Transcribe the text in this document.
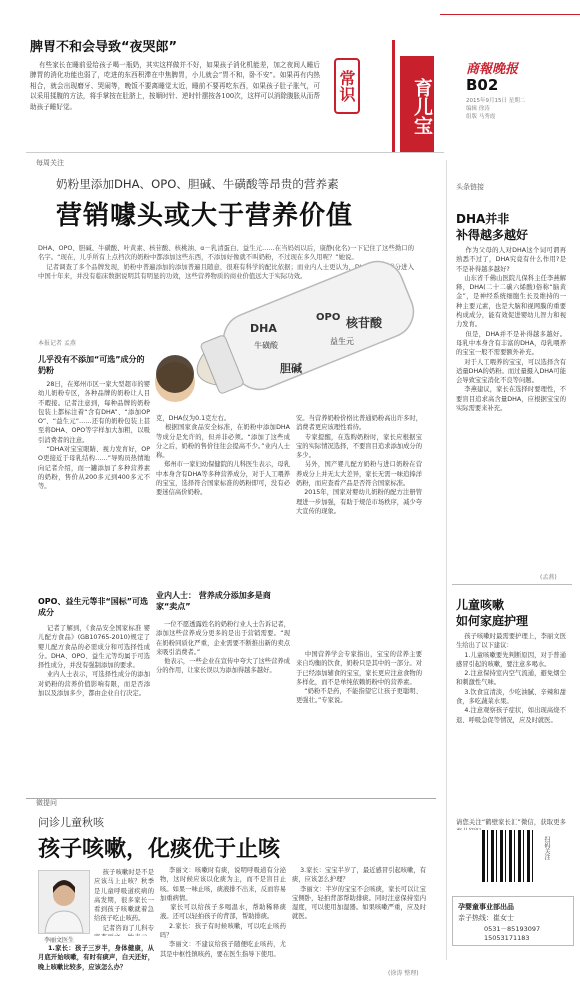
脾胃不和会导致“夜哭郎”
有些家长在睡前爱给孩子喝一瓶奶，其实这样做并不好，如果孩子消化机能差，加之夜间人睡后脾胃的消化功能也弱了，吃进的东西积滞在中焦脾胃，小儿就会“胃不和，卧不安”。如果再有内热相合，就会出现磨牙、哭闹等，晚饭不要离睡觉太近，睡前不要再吃东西，如果孩子肚子胀气，可以采用揉腹的方法，将手掌按在肚脐上，按顺时针、逆时针摆按各100次，这样可以消除腹胀从而帮助孩子睡好觉。
常识	育儿宝
商報晚报
B02
2015年9月15日 星期二
编辑 徐涛
组版 马秀霞
每周关注
奶粉里添加DHA、OPO、胆碱、牛磺酸等昂贵的营养素
营销噱头或大于营养价值
DHA、OPO、胆碱、牛磺酸、叶黄素、核苷酸、核桃油、α－乳清蛋白、益生元……在当妈妈以后，康静(化名)一下记住了这些拗口的名字。“现在，儿乎所有上点档次的奶粉中都添加这些东西，不添加好像就不叫奶粉，不过现在多久用呢？”她说。
记者调查了多个品牌发现，奶粉中普遍添加的添加普遍且随意，很难有科学的配比依据；而业内人士更认为，DHA等营养成分进入中国十年来，并没有临床数据说明其有明显的功效，这些营养物质的商业价值远大于实际功效。
本报记者 孟燕
儿乎没有不添加“可选”成分的奶粉
28日，在郑州市区一家大型超市的婴幼儿奶粉专区，各种品牌的奶粉让人目不暇接。记者注意到，每种品牌的奶粉包装上都标注着“含有DHA”、“添加OPO”、“益生元”……还有的奶粉包装上甚至将DHA、OPO等字样加大加粗，以吸引消费者的注意。
“DHA对宝宝眼睛、视力发育好，OPO更接近于母乳结构……”导购员热情地向记者介绍，而一罐添加了多种营养素的奶粉，售价从200多元到400多元不等。
OPO、益生元等非“国标”可选成分
记者了解到，《食品安全国家标准 婴儿配方食品》(GB10765-2010)规定了婴儿配方食品的必需成分和可选择性成分。DHA、OPO、益生元等均属于可选择性成分，并没有强制添加的要求。
业内人士表示，可选择性成分的添加对奶粉的营养价值影响有限，而是否添加以及添加多少，都由企业自行决定。
DHA
OPO 核苷酸
牛磺酸	益生元
胆碱
克，DHA仅为0.1克左右。
根据国家食品安全标准，在奶粉中添加DHA等成分是允许的，但并非必须。“添加了这些成分之后，奶粉的售价往往会提高不少。”业内人士称。
郑州市一家妇幼保健院的儿科医生表示，母乳中本身含有DHA等多种营养成分，对于人工喂养的宝宝，选择符合国家标准的奶粉即可，没有必要迷信高价奶粉。
业内人士： 营养成分添加多是商家“卖点”
一位不愿透露姓名的奶粉行业人士告诉记者，添加这些营养成分更多的是出于营销需要。“现在奶粉同质化严重，企业需要不断推出新的卖点来吸引消费者。”
他表示，一些企业在宣传中夸大了这些营养成分的作用，让家长误以为添加得越多越好。
安。当营养奶粉价格比普通奶粉高出许多时，消费者更应该理性看待。
专家提醒，在选购奶粉时，家长应根据宝宝的实际情况选择，不要盲目追求添加成分的多少。
另外，国产婴儿配方奶粉与进口奶粉在营养成分上并无太大差异，家长无需一味追捧洋奶粉，而应查看产品是否符合国家标准。
2015年，国家对婴幼儿奶粉的配方注册管理进一步加强，有助于规范市场秩序，减少夸大宣传的现象。
中国营养学会专家指出，宝宝的营养主要来自均衡的饮食，奶粉只是其中的一部分。对于已经添加辅食的宝宝，家长更应注意食物的多样化，而不是单纯依赖奶粉中的营养素。
“奶粉不是药，不能指望它让孩子更聪明、更强壮。”专家说。
微提问
问诊儿童秋咳
孩子咳嗽，化痰优于止咳
李丽文医生
孩子咳嗽时是不是应该马上止咳？秋季是儿童呼吸道疾病的高发期，很多家长一看到孩子咳嗽就着急给孩子吃止咳药。
记者咨询了儿科专
1.家长：孩子三岁半，身体健康，从月底开始咳嗽，有时有痰声，白天还好，晚上咳嗽比较多，应该怎么办？
李丽文：咳嗽时有痰，说明呼吸道有分泌物，这时候应该以化痰为主，而不是盲目止咳。如果一味止咳，痰液排不出来，反而容易加重病情。
家长可以给孩子多喝温水，帮助稀释痰液。还可以轻拍孩子的背部，帮助排痰。
2.家长：孩子有时候咳嗽，可以吃止咳药吗？
李丽文：不建议给孩子随便吃止咳药，尤其是中枢性镇咳药，要在医生指导下使用。
3.家长：宝宝半岁了，最近感冒引起咳嗽，有痰，应该怎么护理？
李丽文：半岁的宝宝不会咳痰，家长可以让宝宝侧卧，轻拍背部帮助排痰。同时注意保持室内湿度，可以使用加湿器。如果咳嗽严重，应及时就医。
(徐涛 整理)
头条链接
DHA并非
补得越多越好
作为父母的人对DHA这个词可谓再熟悉不过了，DHA究竟有什么作用?是不是补得越多越好?
山东省千佛山医院儿保科主任李燕解释，DHA(二十二碳六烯酸)俗称“脑黄金”，是神经系统细胞生长及维持的一种主要元素，也是大脑和视网膜的重要构成成分，能有效促进婴幼儿智力和视力发育。
但是，DHA并不是补得越多越好。母乳中本身含有丰富的DHA，母乳喂养的宝宝一般不需要额外补充。
对于人工喂养的宝宝，可以选择含有适量DHA的奶粉。而过量摄入DHA可能会导致宝宝消化不良等问题。
李燕建议，家长在选择时要理性，不要盲目追求高含量DHA，应根据宝宝的实际需要来补充。
(孟燕)
儿童咳嗽
如何家庭护理
孩子咳嗽时最需要护理上，李丽文医生给出了以下建议：
1.儿童咳嗽要先判断原因，对于普通感冒引起的咳嗽，要注意多喝水。
2.注意保持室内空气流通，避免烟尘和刺激性气味。
3.饮食宜清淡，少吃油腻、辛辣和甜食，多吃蔬菜水果。
4.注意观察孩子症状，如出现高烧不退、呼吸急促等情况，应及时就医。
请您关注“鹤壁家长汇”微信，获取更多
扫码关注
孕婴童事业部出品
亲子热线：崔女士
0531－85193097
15053171183
